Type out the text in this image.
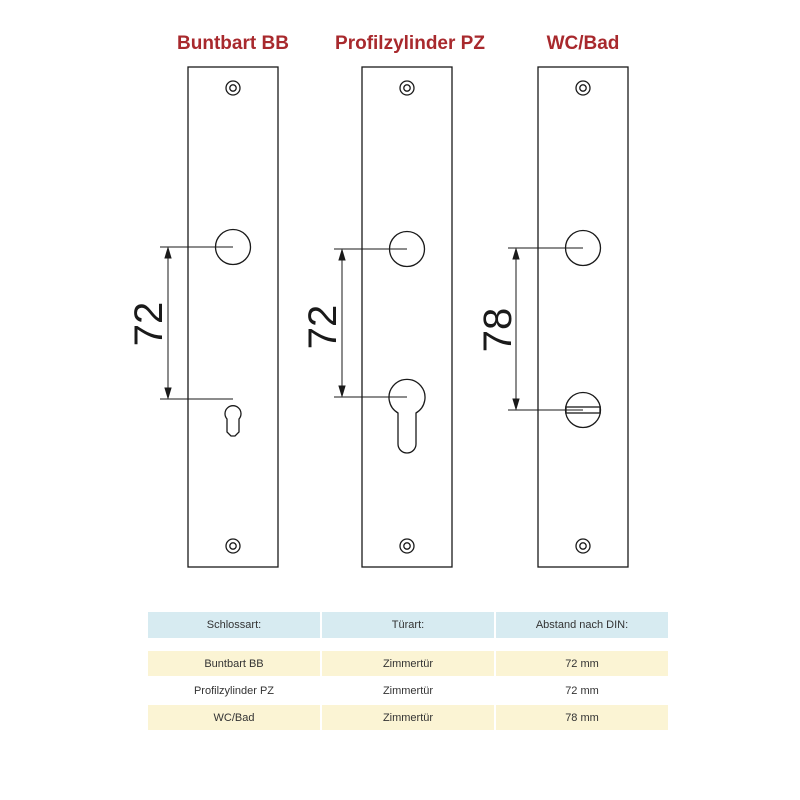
Buntbart BB	Profilzylinder PZ	WC/Bad
72	72	78
Schlossart:	Türart:	Abstand nach DIN:
Buntbart BB	Zimmertür	72 mm
Profilzylinder PZ	Zimmertür	72 mm
WC/Bad	Zimmertür	78 mm
